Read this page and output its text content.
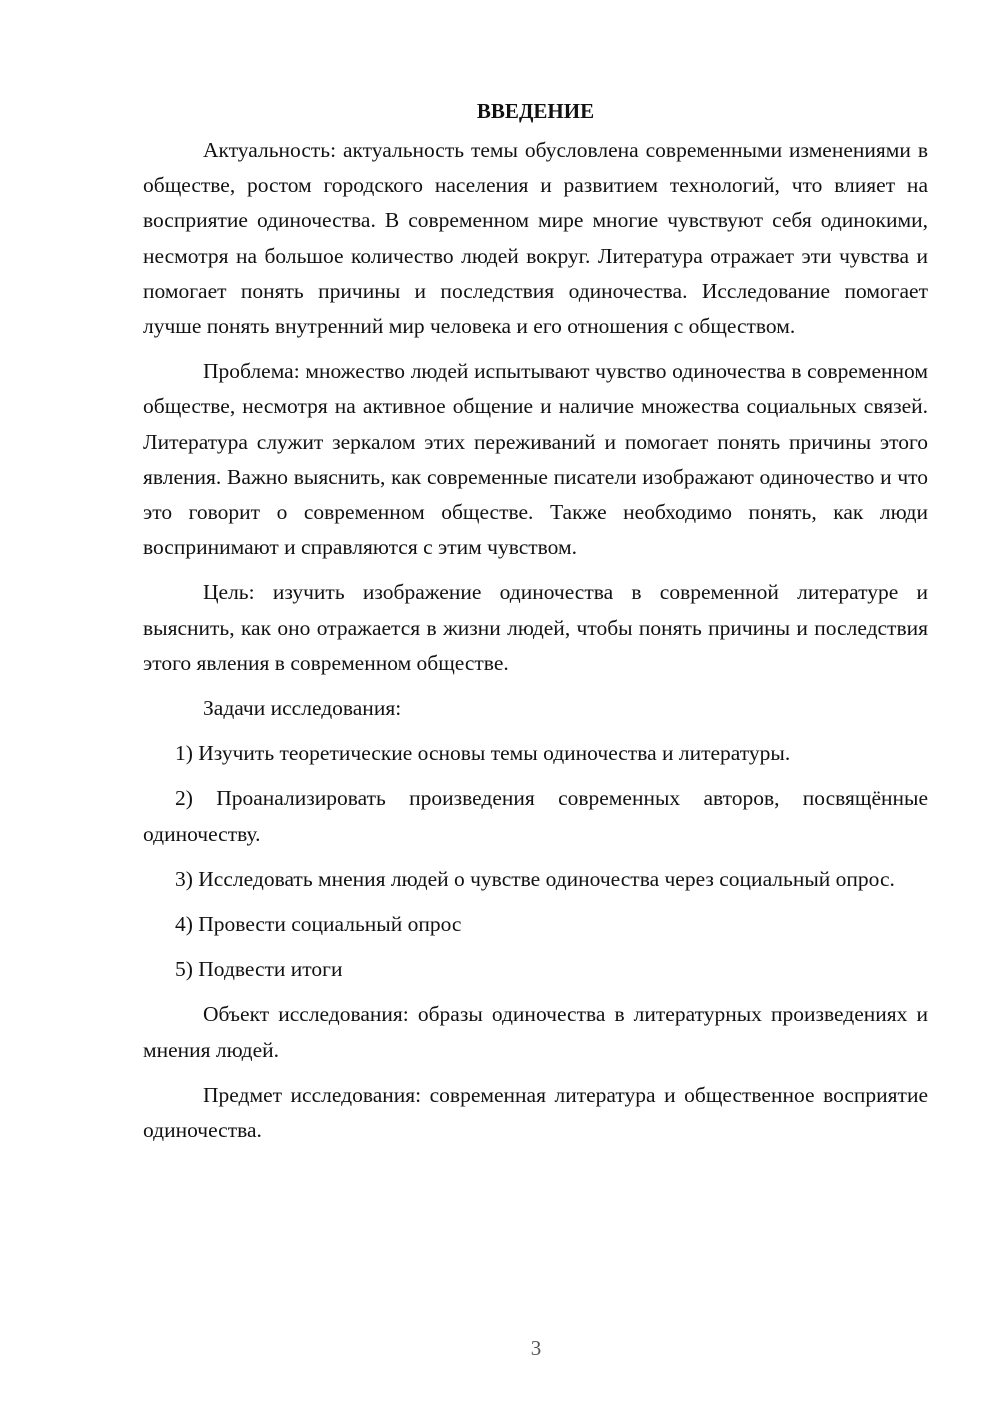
ВВЕДЕНИЕ

Актуальность: актуальность темы обусловлена современными изменениями в обществе, ростом городского населения и развитием технологий, что влияет на восприятие одиночества. В современном мире многие чувствуют себя одинокими, несмотря на большое количество людей вокруг. Литература отражает эти чувства и помогает понять причины и последствия одиночества. Исследование помогает лучше понять внутренний мир человека и его отношения с обществом.

Проблема: множество людей испытывают чувство одиночества в современном обществе, несмотря на активное общение и наличие множества социальных связей. Литература служит зеркалом этих переживаний и помогает понять причины этого явления. Важно выяснить, как современные писатели изображают одиночество и что это говорит о современном обществе. Также необходимо понять, как люди воспринимают и справляются с этим чувством.

Цель: изучить изображение одиночества в современной литературе и выяснить, как оно отражается в жизни людей, чтобы понять причины и последствия этого явления в современном обществе.

Задачи исследования:

1) Изучить теоретические основы темы одиночества и литературы.

2) Проанализировать произведения современных авторов, посвящённые одиночеству.

3) Исследовать мнения людей о чувстве одиночества через социальный опрос.

4) Провести социальный опрос

5) Подвести итоги

Объект исследования: образы одиночества в литературных произведениях и мнения людей.

Предмет исследования: современная литература и общественное восприятие одиночества.

3
